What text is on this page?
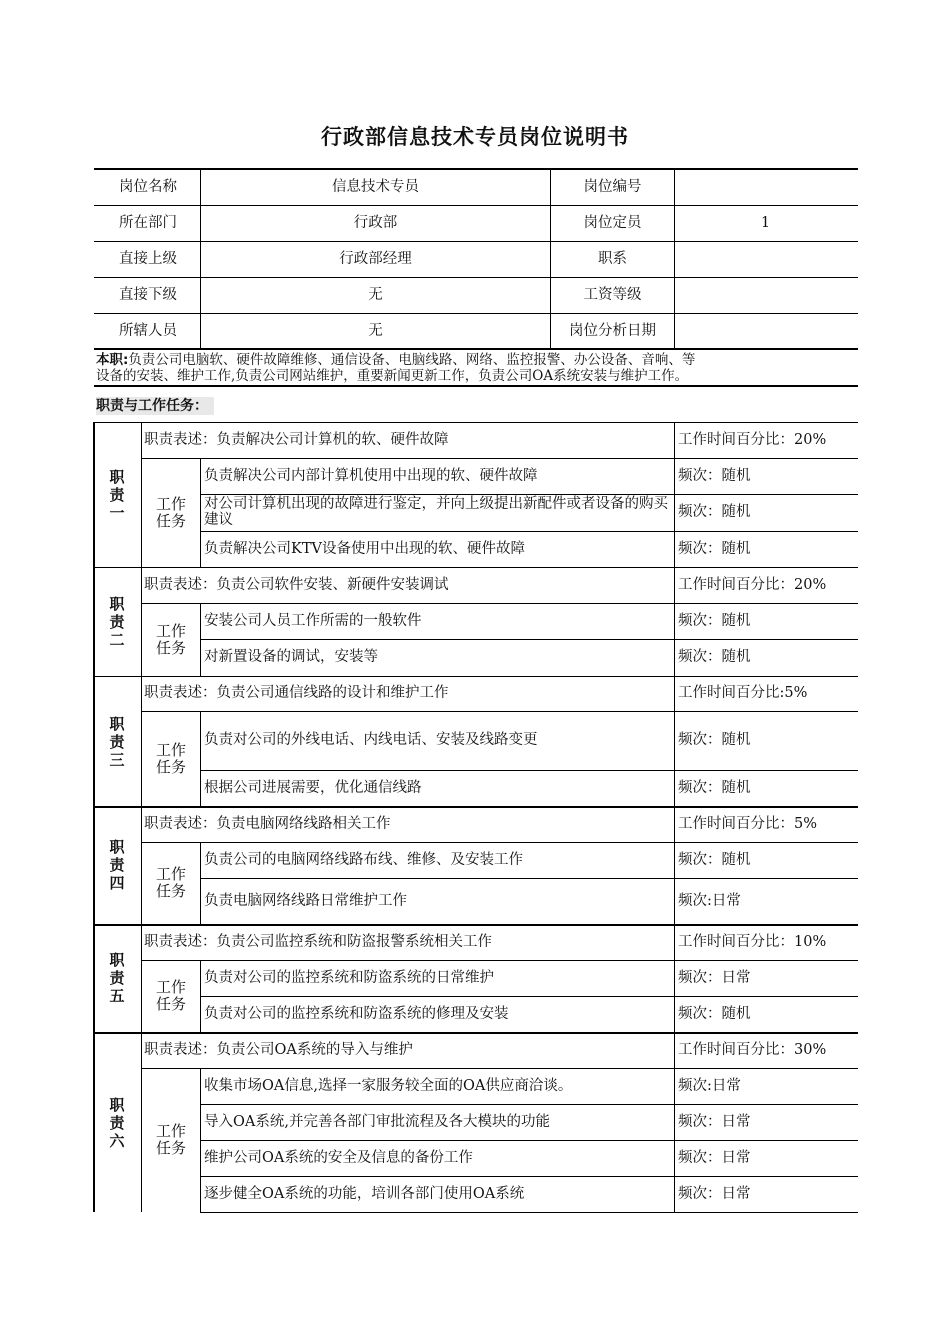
行政部信息技术专员岗位说明书
岗位名称	信息技术专员	岗位编号
所在部门	行政部	岗位定员	1
直接上级	行政部经理	职系
直接下级	无	工资等级
所辖人员	无	岗位分析日期
本职:负责公司电脑软、硬件故障维修、通信设备、电脑线路、网络、监控报警、办公设备、音响、等
设备的安装、维护工作,负责公司网站维护，重要新闻更新工作，负责公司OA系统安装与维护工作。
职责与工作任务：
职
责
一
职责表述：负责解决公司计算机的软、硬件故障	工作时间百分比：20%
工作
任务
负责解决公司内部计算机使用中出现的软、硬件故障	频次：随机
对公司计算机出现的故障进行鉴定，并向上级提出新配件或者设备的购买建议	频次：随机
负责解决公司KTV设备使用中出现的软、硬件故障	频次：随机
职
责
二
职责表述：负责公司软件安装、新硬件安装调试	工作时间百分比：20%
工作
任务
安装公司人员工作所需的一般软件	频次：随机
对新置设备的调试，安装等	频次：随机
职
责
三
职责表述：负责公司通信线路的设计和维护工作	工作时间百分比:5%
工作
任务
负责对公司的外线电话、内线电话、安装及线路变更	频次：随机
根据公司进展需要，优化通信线路	频次：随机
职
责
四
职责表述：负责电脑网络线路相关工作	工作时间百分比：5%
工作
任务
负责公司的电脑网络线路布线、维修、及安装工作	频次：随机
负责电脑网络线路日常维护工作	频次:日常
职
责
五
职责表述：负责公司监控系统和防盗报警系统相关工作	工作时间百分比：10%
工作
任务
负责对公司的监控系统和防盗系统的日常维护	频次：日常
负责对公司的监控系统和防盗系统的修理及安装	频次：随机
职
责
六
职责表述：负责公司OA系统的导入与维护	工作时间百分比：30%
工作
任务
收集市场OA信息,选择一家服务较全面的OA供应商洽谈。	频次:日常
导入OA系统,并完善各部门审批流程及各大模块的功能	频次：日常
维护公司OA系统的安全及信息的备份工作	频次：日常
逐步健全OA系统的功能，培训各部门使用OA系统	频次：日常
